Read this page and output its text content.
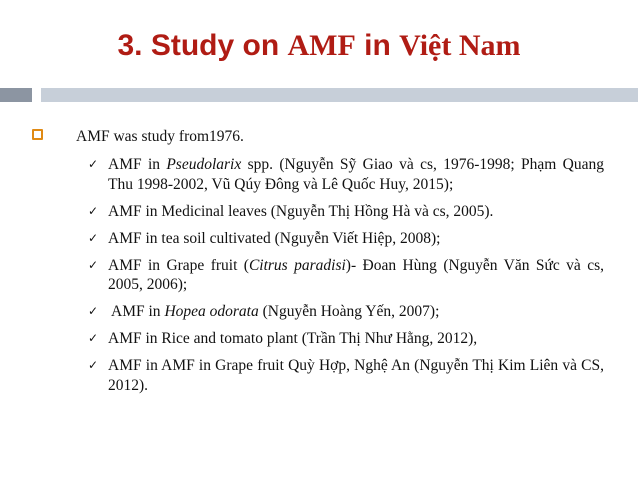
3. Study on AMF in Việt Nam
AMF was study from1976.
✓ AMF in Pseudolarix spp. (Nguyễn Sỹ Giao và cs, 1976-1998; Phạm Quang Thu 1998-2002, Vũ Qúy Đông và Lê Quốc Huy, 2015);
✓ AMF in Medicinal leaves (Nguyễn Thị Hồng Hà và cs, 2005).
✓ AMF in tea soil cultivated (Nguyễn Viết Hiệp, 2008);
✓ AMF in Grape fruit (Citrus paradisi)- Đoan Hùng (Nguyễn Văn Sức và cs, 2005, 2006);
✓ AMF in Hopea odorata (Nguyễn Hoàng Yến, 2007);
✓ AMF in Rice and tomato plant (Trần Thị Như Hằng, 2012),
✓ AMF in AMF in Grape fruit Quỳ Hợp, Nghệ An (Nguyễn Thị Kim Liên và CS, 2012).
